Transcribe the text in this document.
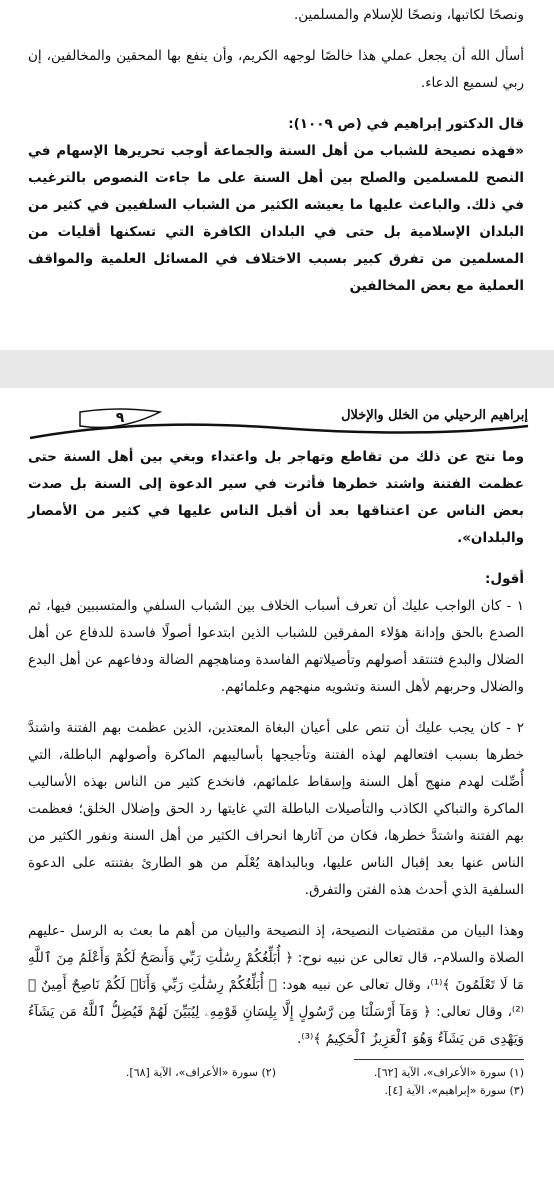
ونصحًا لكاتبها، ونصحًا للإسلام والمسلمين.

أسأل الله أن يجعل عملي هذا خالصًا لوجهه الكريم، وأن ينفع بها المحقين والمخالفين، إن ربي لسميع الدعاء.

قال الدكتور إبراهيم في (ص ١٠٠٩):

«فهذه نصيحة للشباب من أهل السنة والجماعة أوجب تحريرها الإسهام في النصح للمسلمين والصلح بين أهل السنة على ما جاءت النصوص بالترغيب في ذلك. والباعث عليها ما يعيشه الكثير من الشباب السلفيين في كثير من البلدان الإسلامية بل حتى في البلدان الكافرة التي تسكنها أقليات من المسلمين من تفرق كبير بسبب الاختلاف في المسائل العلمية والمواقف العملية مع بعض المخالفين

إبراهيم الرحيلي من الخلل والإخلال
٩

وما نتج عن ذلك من تقاطع وتهاجر بل واعتداء وبغي بين أهل السنة حتى عظمت الفتنة واشتد خطرها فأثرت في سير الدعوة إلى السنة بل صدت بعض الناس عن اعتناقها بعد أن أقبل الناس عليها في كثير من الأمصار والبلدان».

أقول:

١ - كان الواجب عليك أن تعرف أسباب الخلاف بين الشباب السلفي والمتسببين فيها، ثم الصدع بالحق وإدانة هؤلاء المفرقين للشباب الذين ابتدعوا أصولًا فاسدة للدفاع عن أهل الضلال والبدع فتنتقد أصولهم وتأصيلاتهم الفاسدة ومناهجهم الضالة ودفاعهم عن أهل البدع والضلال وحربهم لأهل السنة وتشويه منهجهم وعلمائهم.

٢ - كان يجب عليك أن تنص على أعيان البغاة المعتدين، الذين عظمت بهم الفتنة واشتدَّ خطرها بسبب افتعالهم لهذه الفتنة وتأجيجها بأساليبهم الماكرة وأصولهم الباطلة، التي أُصِّلت لهدم منهج أهل السنة وإسقاط علمائهم، فانخدع كثير من الناس بهذه الأساليب الماكرة والتباكي الكاذب والتأصيلات الباطلة التي غايتها رد الحق وإضلال الخلق؛ فعظمت بهم الفتنة واشتدَّ خطرها، فكان من آثارها انحراف الكثير من أهل السنة ونفور الكثير من الناس عنها بعد إقبال الناس عليها، وبالبداهة يُعْلَم من هو الطارئ بفتنته على الدعوة السلفية الذي أحدث هذه الفتن والتفرق.

وهذا البيان من مقتضيات النصيحة، إذ النصيحة والبيان من أهم ما بعث به الرسل -عليهم الصلاة والسلام-، قال تعالى عن نبيه نوح: ﴿ أُبَلِّغُكُمْ رِسَٰلَٰتِ رَبِّي وَأَنصَحُ لَكُمْ وَأَعْلَمُ مِنَ ٱللَّهِ مَا لَا تَعْلَمُونَ ﴾⁽¹⁾، وقال تعالى عن نبيه هود: ﴿ أُبَلِّغُكُمْ رِسَٰلَٰتِ رَبِّي وَأَنَا۠ لَكُمْ نَاصِحٌ أَمِينٌ ﴾⁽²⁾، وقال تعالى: ﴿ وَمَآ أَرْسَلْنَا مِن رَّسُولٍ إِلَّا بِلِسَانِ قَوْمِهِۦ لِيُبَيِّنَ لَهُمْ فَيُضِلُّ ٱللَّهُ مَن يَشَآءُ وَيَهْدِى مَن يَشَآءُ وَهُوَ ٱلْعَزِيزُ ٱلْحَكِيمُ ﴾⁽³⁾.

(١) سورة «الأعراف»، الآية [٦٢].
(٢) سورة «الأعراف»، الآية [٦٨].
(٣) سورة «إبراهيم»، الآية [٤].
